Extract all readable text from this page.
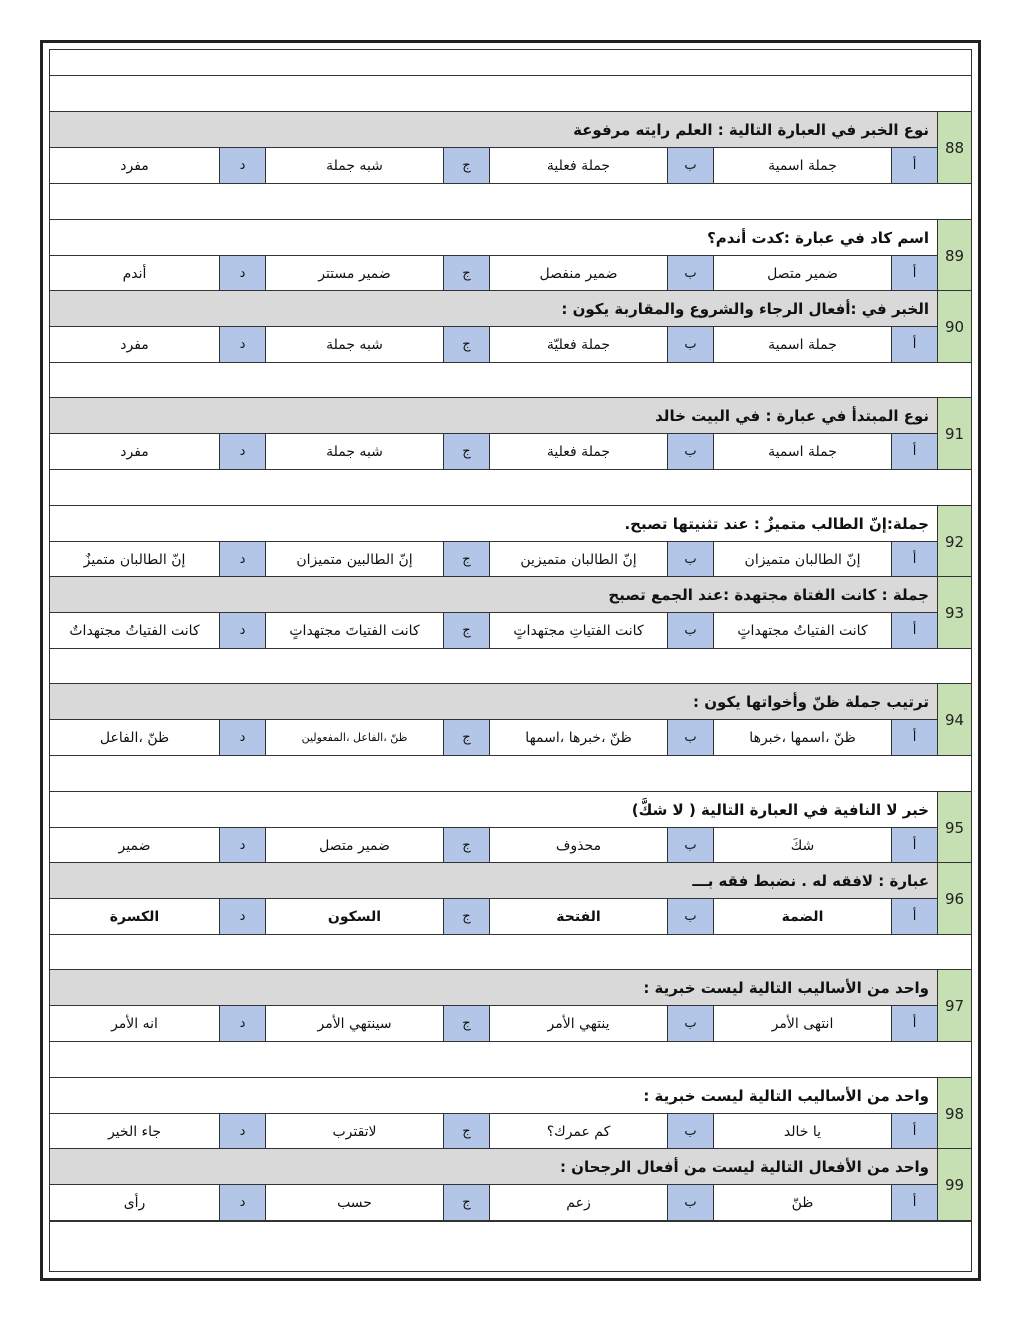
88
نوع الخبر في العبارة التالية : العلم رايته مرفوعة
أ
جملة اسمية
ب
جملة فعلية
ج
شبه جملة
د
مفرد
89
اسم كاد في عبارة :كدت أندم؟
أ
ضمير متصل
ب
ضمير منفصل
ج
ضمير مستتر
د
أندم
90
الخبر في :أفعال الرجاء والشروع والمقاربة يكون :
أ
جملة اسمية
ب
جملة فعليّة
ج
شبه جملة
د
مفرد
91
نوع المبتدأ في عبارة : في البيت خالد
أ
جملة اسمية
ب
جملة فعلية
ج
شبه جملة
د
مفرد
92
جملة:إنّ الطالب متميزٌ : عند تثنيتها تصبح.
أ
إنّ الطالبان متميزان
ب
إنّ الطالبان متميزين
ج
إنّ الطالبين متميزان
د
إنّ الطالبان متميزٌ
93
جملة : كانت الفتاة مجتهدة :عند الجمع تصبح
أ
كانت الفتياتُ مجتهداتٍ
ب
كانت الفتياتِ مجتهداتٍ
ج
كانت الفتياتَ مجتهداتٍ
د
كانت الفتياتُ مجتهداتٌ
94
ترتيب جملة ظنّ وأخواتها يكون :
أ
ظنّ ،اسمها ،خبرها
ب
ظنّ ،خبرها ،اسمها
ج
ظنّ ،الفاعل ،المفعولين
د
ظنّ ،الفاعل
95
خبر لا النافية في العبارة التالية ( لا شكَّ)
أ
شكَ
ب
محذوف
ج
ضمير متصل
د
ضمير
96
عبارة : لافقه له . نضبط فقه بـــ
أ
الضمة
ب
الفتحة
ج
السكون
د
الكسرة
97
واحد من الأساليب التالية ليست خبرية :
أ
انتهى الأمر
ب
ينتهي الأمر
ج
سينتهي الأمر
د
انه الأمر
98
واحد من الأساليب التالية ليست خبرية :
أ
يا خالد
ب
كم عمرك؟
ج
لاتقترب
د
جاء الخير
99
واحد من الأفعال التالية ليست من أفعال الرجحان :
أ
ظنّ
ب
زعم
ج
حسب
د
رأى
